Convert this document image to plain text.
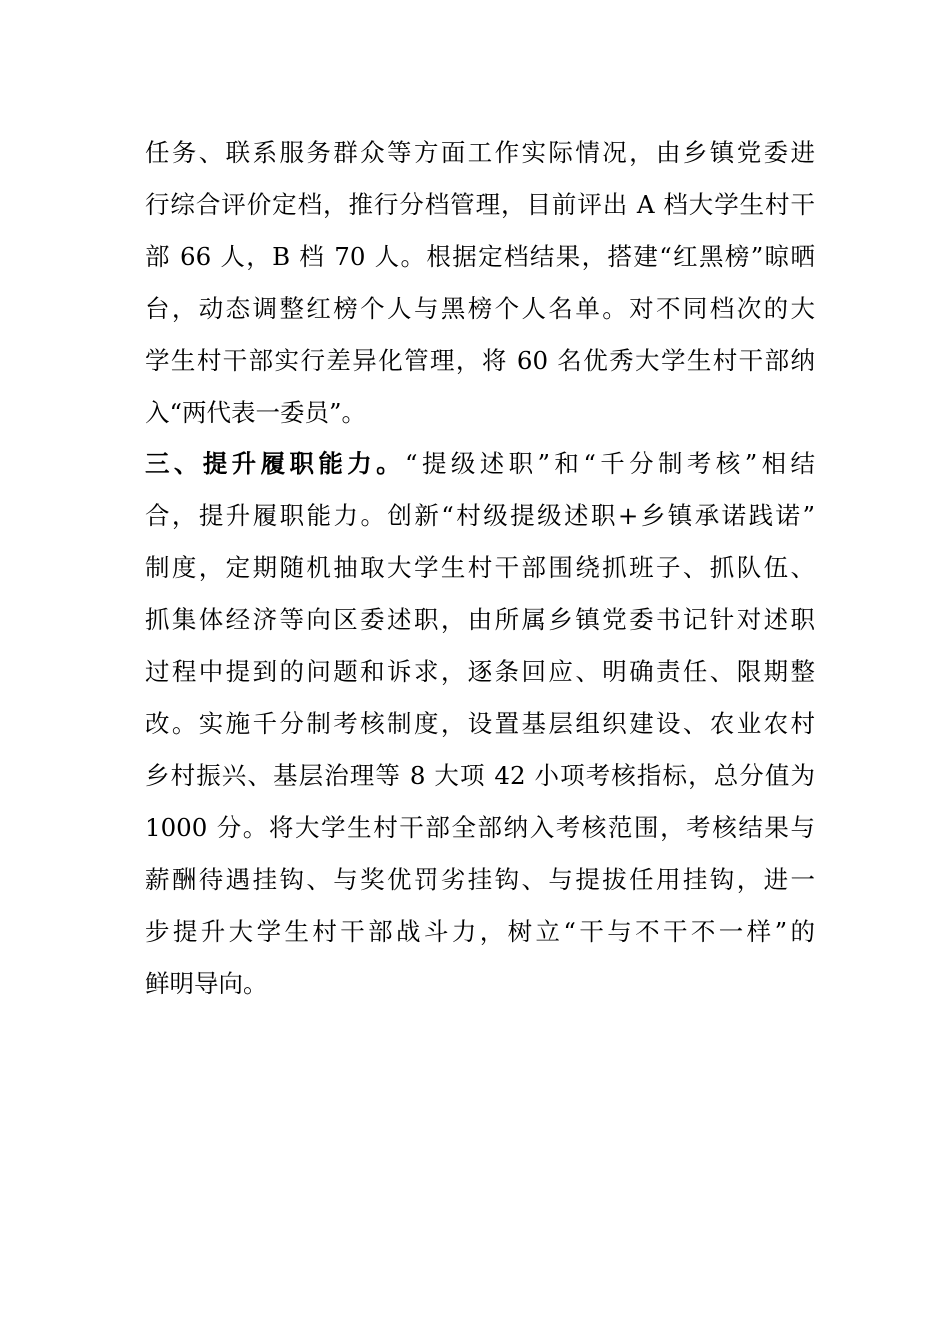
任务、联系服务群众等方面工作实际情况，由乡镇党委进
行综合评价定档，推行分档管理，目前评出 A 档大学生村干
部 66 人，B 档 70 人。根据定档结果，搭建“红黑榜”晾晒
台，动态调整红榜个人与黑榜个人名单。对不同档次的大
学生村干部实行差异化管理，将 60 名优秀大学生村干部纳
入“两代表一委员”。
三、提升履职能力。“提级述职”和“千分制考核”相结
合，提升履职能力。创新“村级提级述职+乡镇承诺践诺”
制度，定期随机抽取大学生村干部围绕抓班子、抓队伍、
抓集体经济等向区委述职，由所属乡镇党委书记针对述职
过程中提到的问题和诉求，逐条回应、明确责任、限期整
改。实施千分制考核制度，设置基层组织建设、农业农村
乡村振兴、基层治理等 8 大项 42 小项考核指标，总分值为
1000 分。将大学生村干部全部纳入考核范围，考核结果与
薪酬待遇挂钩、与奖优罚劣挂钩、与提拔任用挂钩，进一
步提升大学生村干部战斗力，树立“干与不干不一样”的
鲜明导向。
